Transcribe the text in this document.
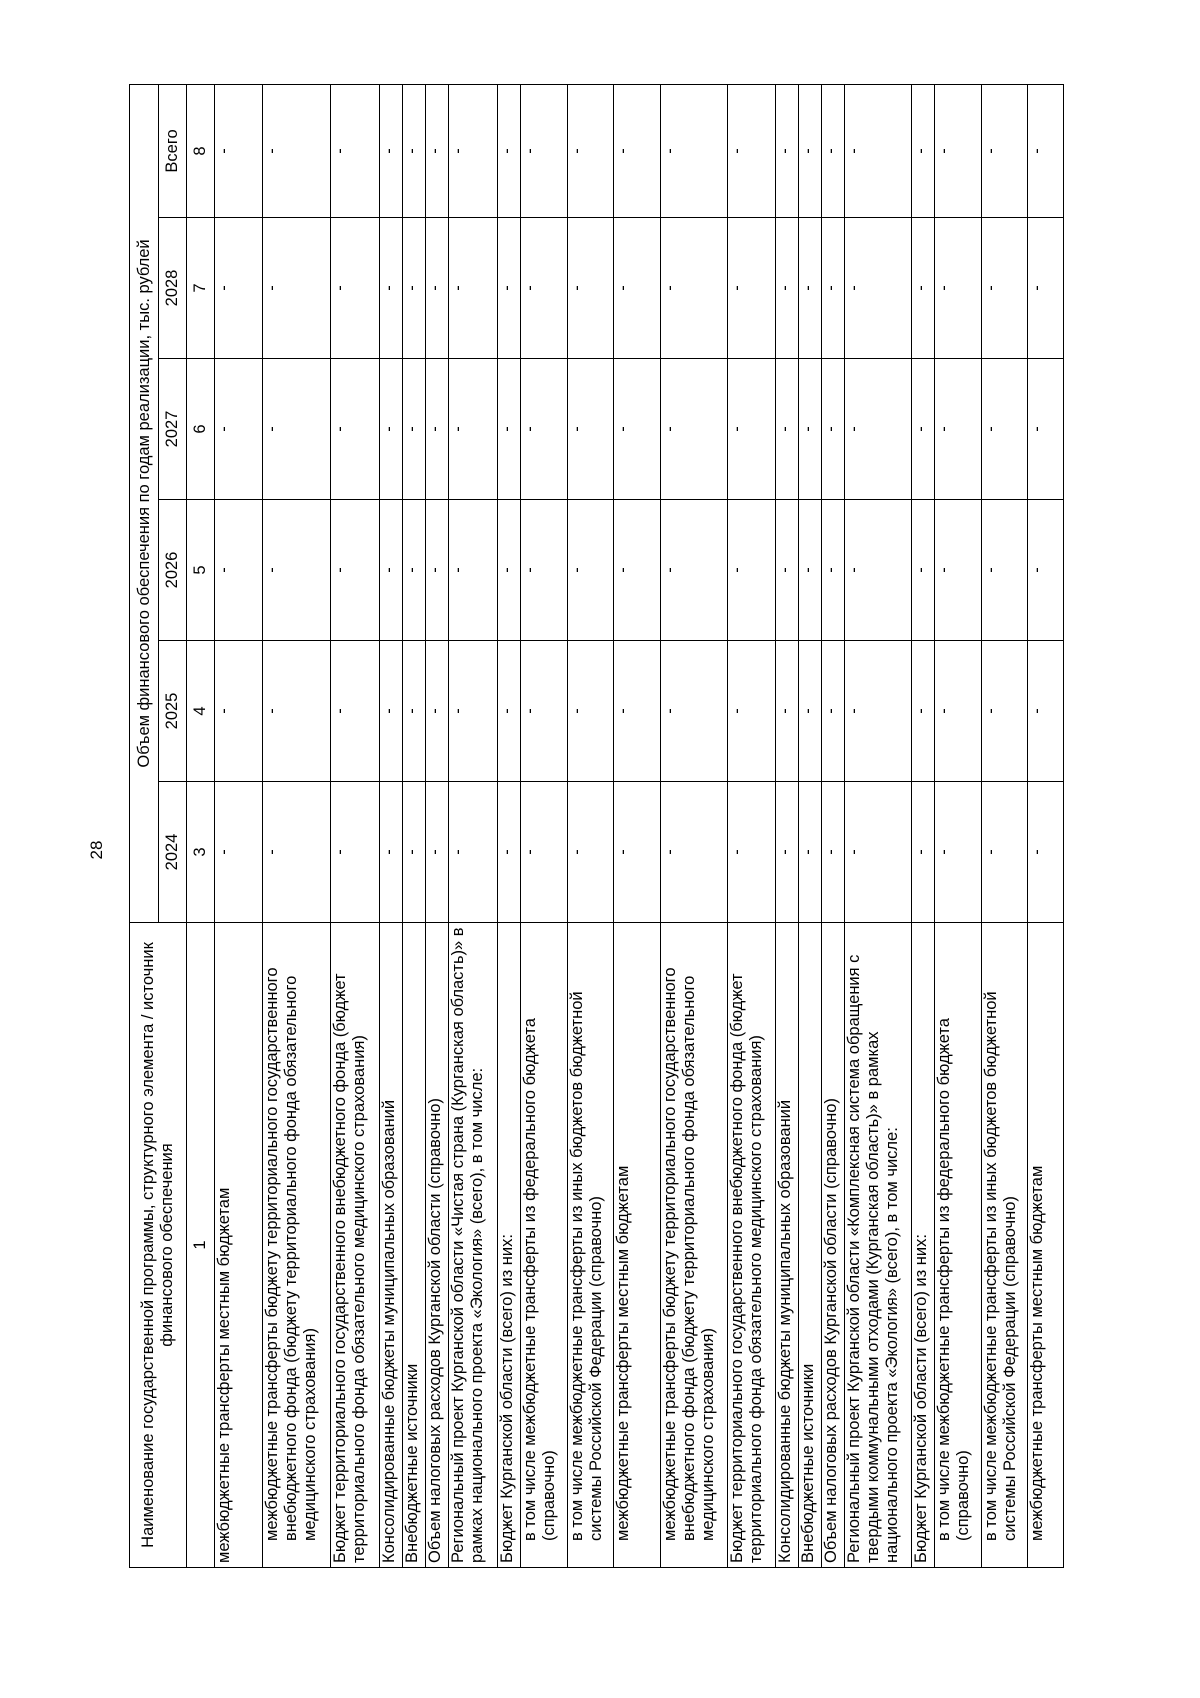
28
Наименование государственной программы, структурного элемента / источник финансового обеспечения	Объем финансового обеспечения по годам реализации, тыс. рублей					
	2024	2025	2026	2027	2028	Всего
1	3	4	5	6	7	8
межбюджетные трансферты местным бюджетам	-	-	-	-	-	-
межбюджетные трансферты бюджету территориального государственного внебюджетного фонда (бюджету территориального фонда обязательного медицинского страхования)	-	-	-	-	-	-
Бюджет территориального государственного внебюджетного фонда (бюджет территориального фонда обязательного медицинского страхования)	-	-	-	-	-	-
Консолидированные бюджеты муниципальных образований	-	-	-	-	-	-
Внебюджетные источники	-	-	-	-	-	-
Объем налоговых расходов Курганской области (справочно)	-	-	-	-	-	-
Региональный проект Курганской области «Чистая страна (Курганская область)» в рамках национального проекта «Экология» (всего), в том числе:	-	-	-	-	-	-
Бюджет Курганской области (всего) из них:	-	-	-	-	-	-
в том числе межбюджетные трансферты из федерального бюджета (справочно)	-	-	-	-	-	-
в том числе межбюджетные трансферты из иных бюджетов бюджетной системы Российской Федерации (справочно)	-	-	-	-	-	-
межбюджетные трансферты местным бюджетам	-	-	-	-	-	-
межбюджетные трансферты бюджету территориального государственного внебюджетного фонда (бюджету территориального фонда обязательного медицинского страхования)	-	-	-	-	-	-
Бюджет территориального государственного внебюджетного фонда (бюджет территориального фонда обязательного медицинского страхования)	-	-	-	-	-	-
Консолидированные бюджеты муниципальных образований	-	-	-	-	-	-
Внебюджетные источники	-	-	-	-	-	-
Объем налоговых расходов Курганской области (справочно)	-	-	-	-	-	-
Региональный проект Курганской области «Комплексная система обращения с твердыми коммунальными отходами (Курганская область)» в рамках национального проекта «Экология» (всего), в том числе:	-	-	-	-	-	-
Бюджет Курганской области (всего) из них:	-	-	-	-	-	-
в том числе межбюджетные трансферты из федерального бюджета (справочно)	-	-	-	-	-	-
в том числе межбюджетные трансферты из иных бюджетов бюджетной системы Российской Федерации (справочно)	-	-	-	-	-	-
межбюджетные трансферты местным бюджетам	-	-	-	-	-	-
